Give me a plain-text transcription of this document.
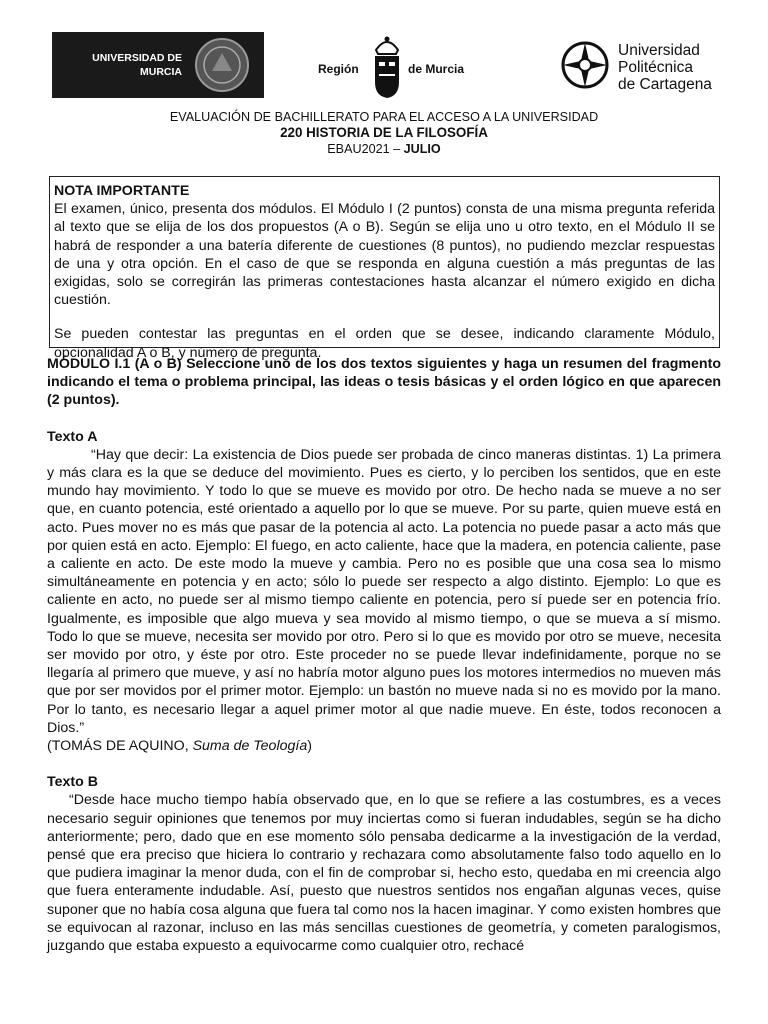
UNIVERSIDAD DE
MURCIA	Región	de Murcia
Universidad
Politécnica
de Cartagena
EVALUACIÓN DE BACHILLERATO PARA EL ACCESO A LA UNIVERSIDAD
220 HISTORIA DE LA FILOSOFÍA
EBAU2021 – JULIO

NOTA IMPORTANTE

El examen, único, presenta dos módulos. El Módulo I (2 puntos) consta de una misma pregunta referida al texto que se elija de los dos propuestos (A o B). Según se elija uno u otro texto, en el Módulo II se habrá de responder a una batería diferente de cuestiones (8 puntos), no pudiendo mezclar respuestas de una y otra opción. En el caso de que se responda en alguna cuestión a más preguntas de las exigidas, solo se corregirán las primeras contestaciones hasta alcanzar el número exigido en dicha cuestión.

Se pueden contestar las preguntas en el orden que se desee, indicando claramente Módulo, opcionalidad A o B, y número de pregunta.

MÓDULO I.1 (A o B) Seleccione uno de los dos textos siguientes y haga un resumen del fragmento indicando el tema o problema principal, las ideas o tesis básicas y el orden lógico en que aparecen (2 puntos).

Texto A

“Hay que decir: La existencia de Dios puede ser probada de cinco maneras distintas. 1) La primera y más clara es la que se deduce del movimiento. Pues es cierto, y lo perciben los sentidos, que en este mundo hay movimiento. Y todo lo que se mueve es movido por otro. De hecho nada se mueve a no ser que, en cuanto potencia, esté orientado a aquello por lo que se mueve. Por su parte, quien mueve está en acto. Pues mover no es más que pasar de la potencia al acto. La potencia no puede pasar a acto más que por quien está en acto. Ejemplo: El fuego, en acto caliente, hace que la madera, en potencia caliente, pase a caliente en acto. De este modo la mueve y cambia. Pero no es posible que una cosa sea lo mismo simultáneamente en potencia y en acto; sólo lo puede ser respecto a algo distinto. Ejemplo: Lo que es caliente en acto, no puede ser al mismo tiempo caliente en potencia, pero sí puede ser en potencia frío. Igualmente, es imposible que algo mueva y sea movido al mismo tiempo, o que se mueva a sí mismo. Todo lo que se mueve, necesita ser movido por otro. Pero si lo que es movido por otro se mueve, necesita ser movido por otro, y éste por otro. Este proceder no se puede llevar indefinidamente, porque no se llegaría al primero que mueve, y así no habría motor alguno pues los motores intermedios no mueven más que por ser movidos por el primer motor. Ejemplo: un bastón no mueve nada si no es movido por la mano. Por lo tanto, es necesario llegar a aquel primer motor al que nadie mueve. En éste, todos reconocen a Dios.”

(TOMÁS DE AQUINO, Suma de Teología)

Texto B

“Desde hace mucho tiempo había observado que, en lo que se refiere a las costumbres, es a veces necesario seguir opiniones que tenemos por muy inciertas como si fueran indudables, según se ha dicho anteriormente; pero, dado que en ese momento sólo pensaba dedicarme a la investigación de la verdad, pensé que era preciso que hiciera lo contrario y rechazara como absolutamente falso todo aquello en lo que pudiera imaginar la menor duda, con el fin de comprobar si, hecho esto, quedaba en mi creencia algo que fuera enteramente indudable. Así, puesto que nuestros sentidos nos engañan algunas veces, quise suponer que no había cosa alguna que fuera tal como nos la hacen imaginar. Y como existen hombres que se equivocan al razonar, incluso en las más sencillas cuestiones de geometría, y cometen paralogismos, juzgando que estaba expuesto a equivocarme como cualquier otro, rechacé
